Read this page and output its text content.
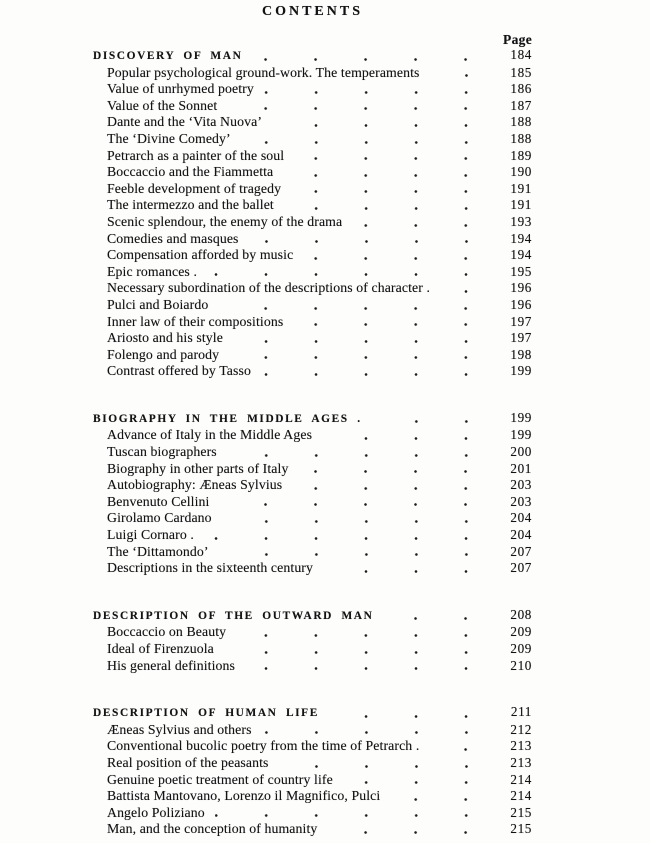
CONTENTS
Page
DISCOVERY OF MAN	184
Popular psychological ground-work. The temperaments	185
Value of unrhymed poetry	186
Value of the Sonnet	187
Dante and the ‘Vita Nuova’	188
The ‘Divine Comedy’	188
Petrarch as a painter of the soul	189
Boccaccio and the Fiammetta	190
Feeble development of tragedy	191
The intermezzo and the ballet	191
Scenic splendour, the enemy of the drama	193
Comedies and masques	194
Compensation afforded by music	194
Epic romances .	195
Necessary subordination of the descriptions of character .	196
Pulci and Boiardo	196
Inner law of their compositions	197
Ariosto and his style	197
Folengo and parody	198
Contrast offered by Tasso	199
BIOGRAPHY IN THE MIDDLE AGES .	199
Advance of Italy in the Middle Ages	199
Tuscan biographers	200
Biography in other parts of Italy	201
Autobiography: Æneas Sylvius	203
Benvenuto Cellini	203
Girolamo Cardano	204
Luigi Cornaro .	204
The ‘Dittamondo’	207
Descriptions in the sixteenth century	207
DESCRIPTION OF THE OUTWARD MAN	208
Boccaccio on Beauty	209
Ideal of Firenzuola	209
His general definitions	210
DESCRIPTION OF HUMAN LIFE	211
Æneas Sylvius and others	212
Conventional bucolic poetry from the time of Petrarch .	213
Real position of the peasants	213
Genuine poetic treatment of country life	214
Battista Mantovano, Lorenzo il Magnifico, Pulci	214
Angelo Poliziano	215
Man, and the conception of humanity	215
